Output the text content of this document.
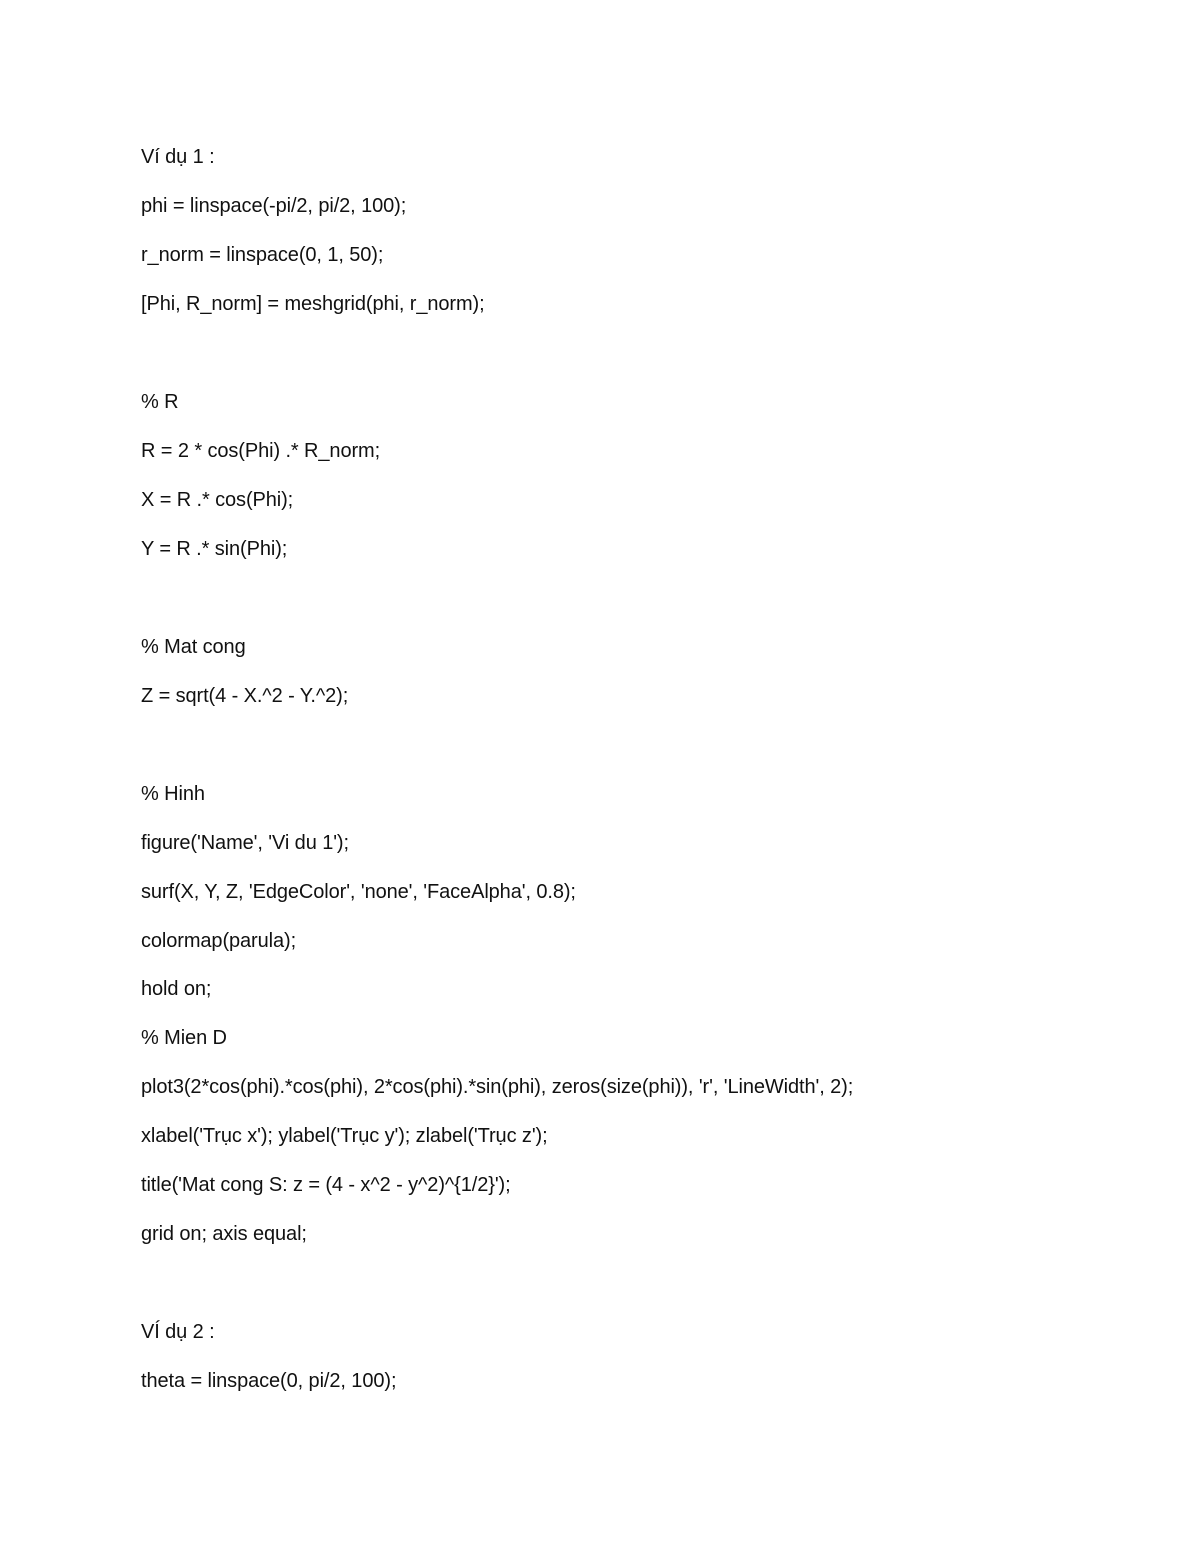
Ví dụ 1 :
phi = linspace(-pi/2, pi/2, 100);
r_norm = linspace(0, 1, 50);
[Phi, R_norm] = meshgrid(phi, r_norm);
% R
R = 2 * cos(Phi) .* R_norm;
X = R .* cos(Phi);
Y = R .* sin(Phi);
% Mat cong
Z = sqrt(4 - X.^2 - Y.^2);
% Hinh
figure('Name', 'Vi du 1');
surf(X, Y, Z, 'EdgeColor', 'none', 'FaceAlpha', 0.8);
colormap(parula);
hold on;
% Mien D
plot3(2*cos(phi).*cos(phi), 2*cos(phi).*sin(phi), zeros(size(phi)), 'r', 'LineWidth', 2);
xlabel('Trục x'); ylabel('Trục y'); zlabel('Trục z');
title('Mat cong S: z = (4 - x^2 - y^2)^{1/2}');
grid on; axis equal;
VÍ dụ 2 :
theta = linspace(0, pi/2, 100);
